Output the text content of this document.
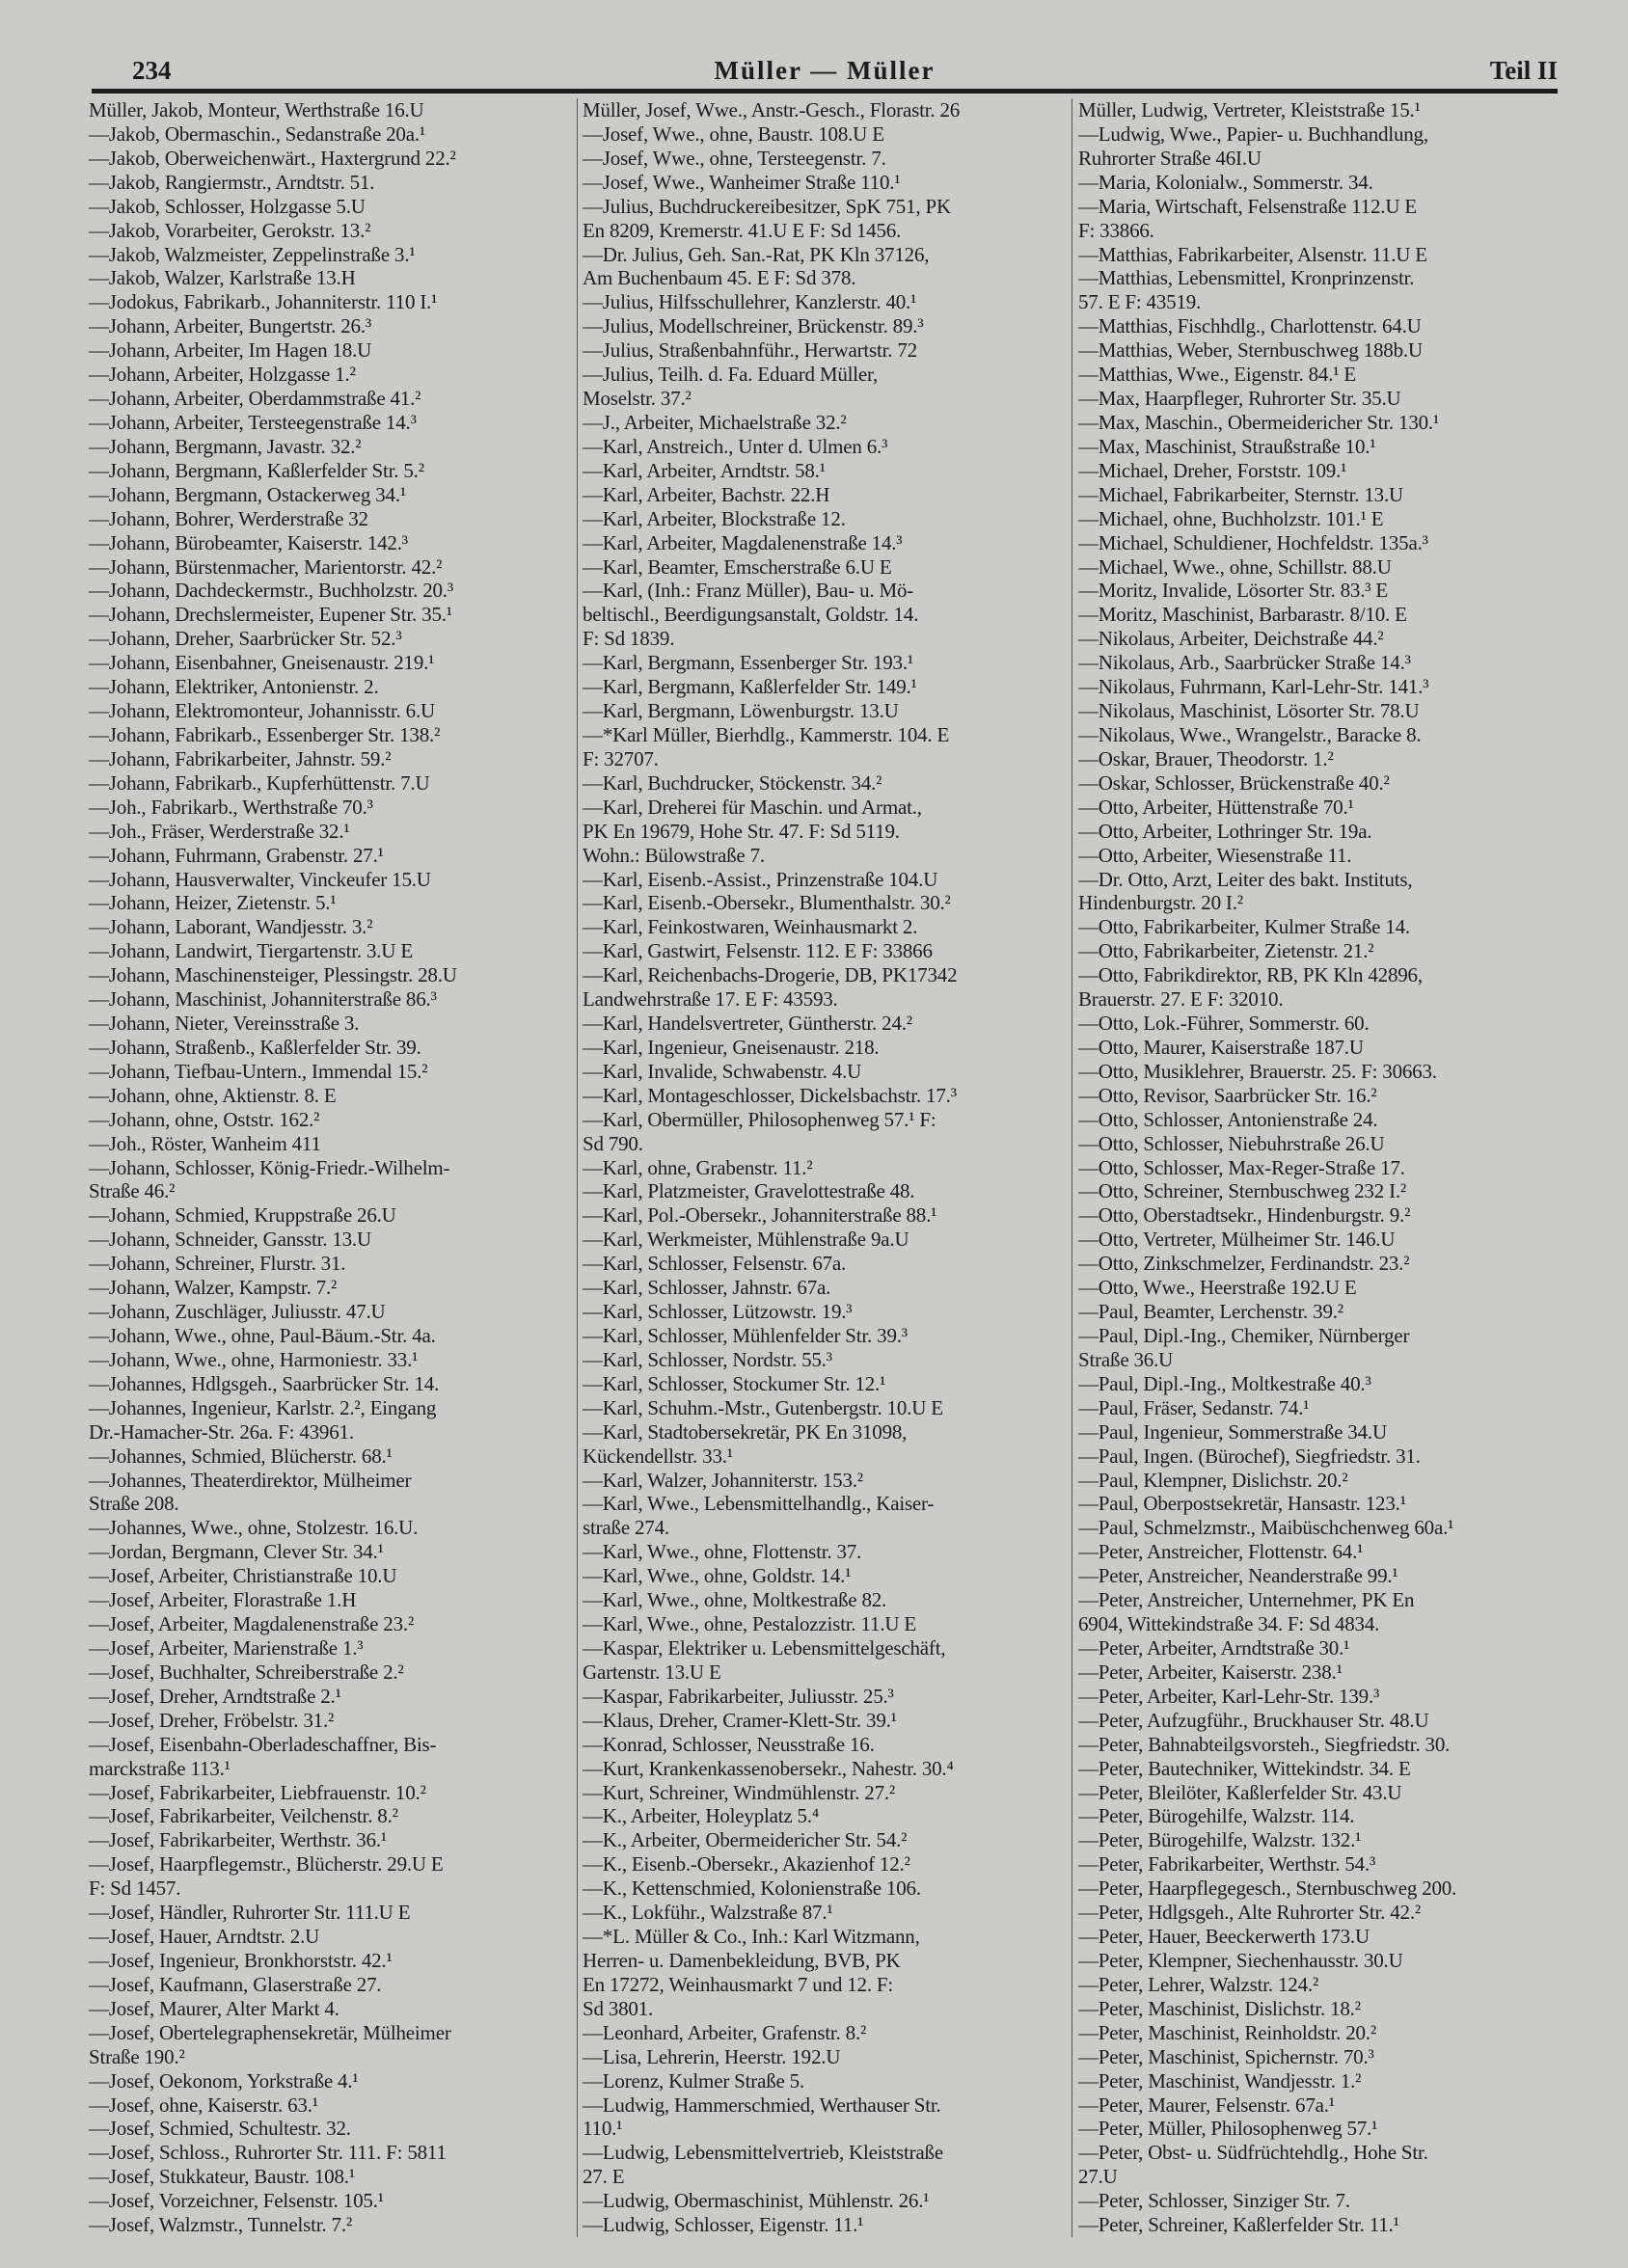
234	Müller — Müller	Teil II
Müller, Jakob, Monteur, Werthstraße 16.U
—Jakob, Obermaschin., Sedanstraße 20a.¹
—Jakob, Oberweichenwärt., Haxtergrund 22.²
—Jakob, Rangiermstr., Arndtstr. 51.
—Jakob, Schlosser, Holzgasse 5.U
—Jakob, Vorarbeiter, Gerokstr. 13.²
—Jakob, Walzmeister, Zeppelinstraße 3.¹
—Jakob, Walzer, Karlstraße 13.H
—Jodokus, Fabrikarb., Johanniterstr. 110 I.¹
—Johann, Arbeiter, Bungertstr. 26.³
—Johann, Arbeiter, Im Hagen 18.U
—Johann, Arbeiter, Holzgasse 1.²
—Johann, Arbeiter, Oberdammstraße 41.²
—Johann, Arbeiter, Tersteegenstraße 14.³
—Johann, Bergmann, Javastr. 32.²
—Johann, Bergmann, Kaßlerfelder Str. 5.²
—Johann, Bergmann, Ostackerweg 34.¹
—Johann, Bohrer, Werderstraße 32
—Johann, Bürobeamter, Kaiserstr. 142.³
—Johann, Bürstenmacher, Marientorstr. 42.²
—Johann, Dachdeckermstr., Buchholzstr. 20.³
—Johann, Drechslermeister, Eupener Str. 35.¹
—Johann, Dreher, Saarbrücker Str. 52.³
—Johann, Eisenbahner, Gneisenaustr. 219.¹
—Johann, Elektriker, Antonienstr. 2.
—Johann, Elektromonteur, Johannisstr. 6.U
—Johann, Fabrikarb., Essenberger Str. 138.²
—Johann, Fabrikarbeiter, Jahnstr. 59.²
—Johann, Fabrikarb., Kupferhüttenstr. 7.U
—Joh., Fabrikarb., Werthstraße 70.³
—Joh., Fräser, Werderstraße 32.¹
—Johann, Fuhrmann, Grabenstr. 27.¹
—Johann, Hausverwalter, Vinckeufer 15.U
—Johann, Heizer, Zietenstr. 5.¹
—Johann, Laborant, Wandjesstr. 3.²
—Johann, Landwirt, Tiergartenstr. 3.U E
—Johann, Maschinensteiger, Plessingstr. 28.U
—Johann, Maschinist, Johanniterstraße 86.³
—Johann, Nieter, Vereinsstraße 3.
—Johann, Straßenb., Kaßlerfelder Str. 39.
—Johann, Tiefbau-Untern., Immendal 15.²
—Johann, ohne, Aktienstr. 8. E
—Johann, ohne, Oststr. 162.²
—Joh., Röster, Wanheim 411
—Johann, Schlosser, König-Friedr.-Wilhelm-
Straße 46.²
—Johann, Schmied, Kruppstraße 26.U
—Johann, Schneider, Gansstr. 13.U
—Johann, Schreiner, Flurstr. 31.
—Johann, Walzer, Kampstr. 7.²
—Johann, Zuschläger, Juliusstr. 47.U
—Johann, Wwe., ohne, Paul-Bäum.-Str. 4a.
—Johann, Wwe., ohne, Harmoniestr. 33.¹
—Johannes, Hdlgsgeh., Saarbrücker Str. 14.
—Johannes, Ingenieur, Karlstr. 2.², Eingang
Dr.-Hamacher-Str. 26a. F: 43961.
—Johannes, Schmied, Blücherstr. 68.¹
—Johannes, Theaterdirektor, Mülheimer
Straße 208.
—Johannes, Wwe., ohne, Stolzestr. 16.U.
—Jordan, Bergmann, Clever Str. 34.¹
—Josef, Arbeiter, Christianstraße 10.U
—Josef, Arbeiter, Florastraße 1.H
—Josef, Arbeiter, Magdalenenstraße 23.²
—Josef, Arbeiter, Marienstraße 1.³
—Josef, Buchhalter, Schreiberstraße 2.²
—Josef, Dreher, Arndtstraße 2.¹
—Josef, Dreher, Fröbelstr. 31.²
—Josef, Eisenbahn-Oberladeschaffner, Bis-
marckstraße 113.¹
—Josef, Fabrikarbeiter, Liebfrauenstr. 10.²
—Josef, Fabrikarbeiter, Veilchenstr. 8.²
—Josef, Fabrikarbeiter, Werthstr. 36.¹
—Josef, Haarpflegemstr., Blücherstr. 29.U E
F: Sd 1457.
—Josef, Händler, Ruhrorter Str. 111.U E
—Josef, Hauer, Arndtstr. 2.U
—Josef, Ingenieur, Bronkhorststr. 42.¹
—Josef, Kaufmann, Glaserstraße 27.
—Josef, Maurer, Alter Markt 4.
—Josef, Obertelegraphensekretär, Mülheimer
Straße 190.²
—Josef, Oekonom, Yorkstraße 4.¹
—Josef, ohne, Kaiserstr. 63.¹
—Josef, Schmied, Schultestr. 32.
—Josef, Schloss., Ruhrorter Str. 111. F: 5811
—Josef, Stukkateur, Baustr. 108.¹
—Josef, Vorzeichner, Felsenstr. 105.¹
—Josef, Walzmstr., Tunnelstr. 7.²
Müller, Josef, Wwe., Anstr.-Gesch., Florastr. 26
—Josef, Wwe., ohne, Baustr. 108.U E
—Josef, Wwe., ohne, Tersteegenstr. 7.
—Josef, Wwe., Wanheimer Straße 110.¹
—Julius, Buchdruckereibesitzer, SpK 751, PK
En 8209, Kremerstr. 41.U E F: Sd 1456.
—Dr. Julius, Geh. San.-Rat, PK Kln 37126,
Am Buchenbaum 45. E F: Sd 378.
—Julius, Hilfsschullehrer, Kanzlerstr. 40.¹
—Julius, Modellschreiner, Brückenstr. 89.³
—Julius, Straßenbahnführ., Herwartstr. 72
—Julius, Teilh. d. Fa. Eduard Müller,
Moselstr. 37.²
—J., Arbeiter, Michaelstraße 32.²
—Karl, Anstreich., Unter d. Ulmen 6.³
—Karl, Arbeiter, Arndtstr. 58.¹
—Karl, Arbeiter, Bachstr. 22.H
—Karl, Arbeiter, Blockstraße 12.
—Karl, Arbeiter, Magdalenenstraße 14.³
—Karl, Beamter, Emscherstraße 6.U E
—Karl, (Inh.: Franz Müller), Bau- u. Mö-
beltischl., Beerdigungsanstalt, Goldstr. 14.
F: Sd 1839.
—Karl, Bergmann, Essenberger Str. 193.¹
—Karl, Bergmann, Kaßlerfelder Str. 149.¹
—Karl, Bergmann, Löwenburgstr. 13.U
—*Karl Müller, Bierhdlg., Kammerstr. 104. E
F: 32707.
—Karl, Buchdrucker, Stöckenstr. 34.²
—Karl, Dreherei für Maschin. und Armat.,
PK En 19679, Hohe Str. 47. F: Sd 5119.
Wohn.: Bülowstraße 7.
—Karl, Eisenb.-Assist., Prinzenstraße 104.U
—Karl, Eisenb.-Obersekr., Blumenthalstr. 30.²
—Karl, Feinkostwaren, Weinhausmarkt 2.
—Karl, Gastwirt, Felsenstr. 112. E F: 33866
—Karl, Reichenbachs-Drogerie, DB, PK17342
Landwehrstraße 17. E F: 43593.
—Karl, Handelsvertreter, Güntherstr. 24.²
—Karl, Ingenieur, Gneisenaustr. 218.
—Karl, Invalide, Schwabenstr. 4.U
—Karl, Montageschlosser, Dickelsbachstr. 17.³
—Karl, Obermüller, Philosophenweg 57.¹ F:
Sd 790.
—Karl, ohne, Grabenstr. 11.²
—Karl, Platzmeister, Gravelottestraße 48.
—Karl, Pol.-Obersekr., Johanniterstraße 88.¹
—Karl, Werkmeister, Mühlenstraße 9a.U
—Karl, Schlosser, Felsenstr. 67a.
—Karl, Schlosser, Jahnstr. 67a.
—Karl, Schlosser, Lützowstr. 19.³
—Karl, Schlosser, Mühlenfelder Str. 39.³
—Karl, Schlosser, Nordstr. 55.³
—Karl, Schlosser, Stockumer Str. 12.¹
—Karl, Schuhm.-Mstr., Gutenbergstr. 10.U E
—Karl, Stadtobersekretär, PK En 31098,
Kückendellstr. 33.¹
—Karl, Walzer, Johanniterstr. 153.²
—Karl, Wwe., Lebensmittelhandlg., Kaiser-
straße 274.
—Karl, Wwe., ohne, Flottenstr. 37.
—Karl, Wwe., ohne, Goldstr. 14.¹
—Karl, Wwe., ohne, Moltkestraße 82.
—Karl, Wwe., ohne, Pestalozzistr. 11.U E
—Kaspar, Elektriker u. Lebensmittelgeschäft,
Gartenstr. 13.U E
—Kaspar, Fabrikarbeiter, Juliusstr. 25.³
—Klaus, Dreher, Cramer-Klett-Str. 39.¹
—Konrad, Schlosser, Neusstraße 16.
—Kurt, Krankenkassenobersekr., Nahestr. 30.⁴
—Kurt, Schreiner, Windmühlenstr. 27.²
—K., Arbeiter, Holeyplatz 5.⁴
—K., Arbeiter, Obermeidericher Str. 54.²
—K., Eisenb.-Obersekr., Akazienhof 12.²
—K., Kettenschmied, Kolonienstraße 106.
—K., Lokführ., Walzstraße 87.¹
—*L. Müller & Co., Inh.: Karl Witzmann,
Herren- u. Damenbekleidung, BVB, PK
En 17272, Weinhausmarkt 7 und 12. F:
Sd 3801.
—Leonhard, Arbeiter, Grafenstr. 8.²
—Lisa, Lehrerin, Heerstr. 192.U
—Lorenz, Kulmer Straße 5.
—Ludwig, Hammerschmied, Werthauser Str.
110.¹
—Ludwig, Lebensmittelvertrieb, Kleiststraße
27. E
—Ludwig, Obermaschinist, Mühlenstr. 26.¹
—Ludwig, Schlosser, Eigenstr. 11.¹
Müller, Ludwig, Vertreter, Kleiststraße 15.¹
—Ludwig, Wwe., Papier- u. Buchhandlung,
Ruhrorter Straße 46I.U
—Maria, Kolonialw., Sommerstr. 34.
—Maria, Wirtschaft, Felsenstraße 112.U E
F: 33866.
—Matthias, Fabrikarbeiter, Alsenstr. 11.U E
—Matthias, Lebensmittel, Kronprinzenstr.
57. E F: 43519.
—Matthias, Fischhdlg., Charlottenstr. 64.U
—Matthias, Weber, Sternbuschweg 188b.U
—Matthias, Wwe., Eigenstr. 84.¹ E
—Max, Haarpfleger, Ruhrorter Str. 35.U
—Max, Maschin., Obermeidericher Str. 130.¹
—Max, Maschinist, Straußstraße 10.¹
—Michael, Dreher, Forststr. 109.¹
—Michael, Fabrikarbeiter, Sternstr. 13.U
—Michael, ohne, Buchholzstr. 101.¹ E
—Michael, Schuldiener, Hochfeldstr. 135a.³
—Michael, Wwe., ohne, Schillstr. 88.U
—Moritz, Invalide, Lösorter Str. 83.³ E
—Moritz, Maschinist, Barbarastr. 8/10. E
—Nikolaus, Arbeiter, Deichstraße 44.²
—Nikolaus, Arb., Saarbrücker Straße 14.³
—Nikolaus, Fuhrmann, Karl-Lehr-Str. 141.³
—Nikolaus, Maschinist, Lösorter Str. 78.U
—Nikolaus, Wwe., Wrangelstr., Baracke 8.
—Oskar, Brauer, Theodorstr. 1.²
—Oskar, Schlosser, Brückenstraße 40.²
—Otto, Arbeiter, Hüttenstraße 70.¹
—Otto, Arbeiter, Lothringer Str. 19a.
—Otto, Arbeiter, Wiesenstraße 11.
—Dr. Otto, Arzt, Leiter des bakt. Instituts,
Hindenburgstr. 20 I.²
—Otto, Fabrikarbeiter, Kulmer Straße 14.
—Otto, Fabrikarbeiter, Zietenstr. 21.²
—Otto, Fabrikdirektor, RB, PK Kln 42896,
Brauerstr. 27. E F: 32010.
—Otto, Lok.-Führer, Sommerstr. 60.
—Otto, Maurer, Kaiserstraße 187.U
—Otto, Musiklehrer, Brauerstr. 25. F: 30663.
—Otto, Revisor, Saarbrücker Str. 16.²
—Otto, Schlosser, Antonienstraße 24.
—Otto, Schlosser, Niebuhrstraße 26.U
—Otto, Schlosser, Max-Reger-Straße 17.
—Otto, Schreiner, Sternbuschweg 232 I.²
—Otto, Oberstadtsekr., Hindenburgstr. 9.²
—Otto, Vertreter, Mülheimer Str. 146.U
—Otto, Zinkschmelzer, Ferdinandstr. 23.²
—Otto, Wwe., Heerstraße 192.U E
—Paul, Beamter, Lerchenstr. 39.²
—Paul, Dipl.-Ing., Chemiker, Nürnberger
Straße 36.U
—Paul, Dipl.-Ing., Moltkestraße 40.³
—Paul, Fräser, Sedanstr. 74.¹
—Paul, Ingenieur, Sommerstraße 34.U
—Paul, Ingen. (Bürochef), Siegfriedstr. 31.
—Paul, Klempner, Dislichstr. 20.²
—Paul, Oberpostsekretär, Hansastr. 123.¹
—Paul, Schmelzmstr., Maibüschchenweg 60a.¹
—Peter, Anstreicher, Flottenstr. 64.¹
—Peter, Anstreicher, Neanderstraße 99.¹
—Peter, Anstreicher, Unternehmer, PK En
6904, Wittekindstraße 34. F: Sd 4834.
—Peter, Arbeiter, Arndtstraße 30.¹
—Peter, Arbeiter, Kaiserstr. 238.¹
—Peter, Arbeiter, Karl-Lehr-Str. 139.³
—Peter, Aufzugführ., Bruckhauser Str. 48.U
—Peter, Bahnabteilgsvorsteh., Siegfriedstr. 30.
—Peter, Bautechniker, Wittekindstr. 34. E
—Peter, Bleilöter, Kaßlerfelder Str. 43.U
—Peter, Bürogehilfe, Walzstr. 114.
—Peter, Bürogehilfe, Walzstr. 132.¹
—Peter, Fabrikarbeiter, Werthstr. 54.³
—Peter, Haarpflegegesch., Sternbuschweg 200.
—Peter, Hdlgsgeh., Alte Ruhrorter Str. 42.²
—Peter, Hauer, Beeckerwerth 173.U
—Peter, Klempner, Siechenhausstr. 30.U
—Peter, Lehrer, Walzstr. 124.²
—Peter, Maschinist, Dislichstr. 18.²
—Peter, Maschinist, Reinholdstr. 20.²
—Peter, Maschinist, Spichernstr. 70.³
—Peter, Maschinist, Wandjesstr. 1.²
—Peter, Maurer, Felsenstr. 67a.¹
—Peter, Müller, Philosophenweg 57.¹
—Peter, Obst- u. Südfrüchtehdlg., Hohe Str.
27.U
—Peter, Schlosser, Sinziger Str. 7.
—Peter, Schreiner, Kaßlerfelder Str. 11.¹
